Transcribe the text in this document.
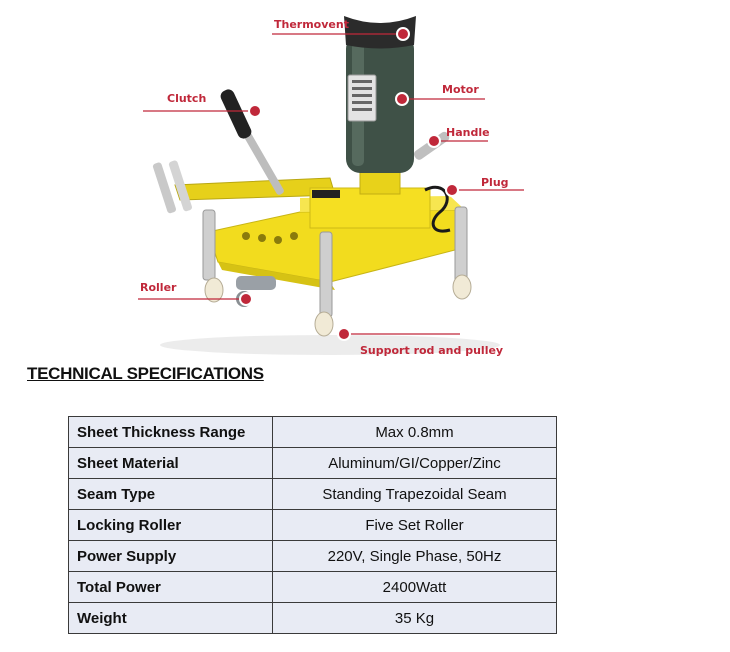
Thermovent
Motor
Clutch
Handle
Plug
Roller
Support rod and pulley
TECHNICAL SPECIFICATIONS
Sheet Thickness Range	Max 0.8mm
Sheet Material	Aluminum/GI/Copper/Zinc
Seam Type	Standing Trapezoidal Seam
Locking Roller	Five Set Roller
Power Supply	220V, Single Phase, 50Hz
Total Power	2400Watt
Weight	35 Kg
